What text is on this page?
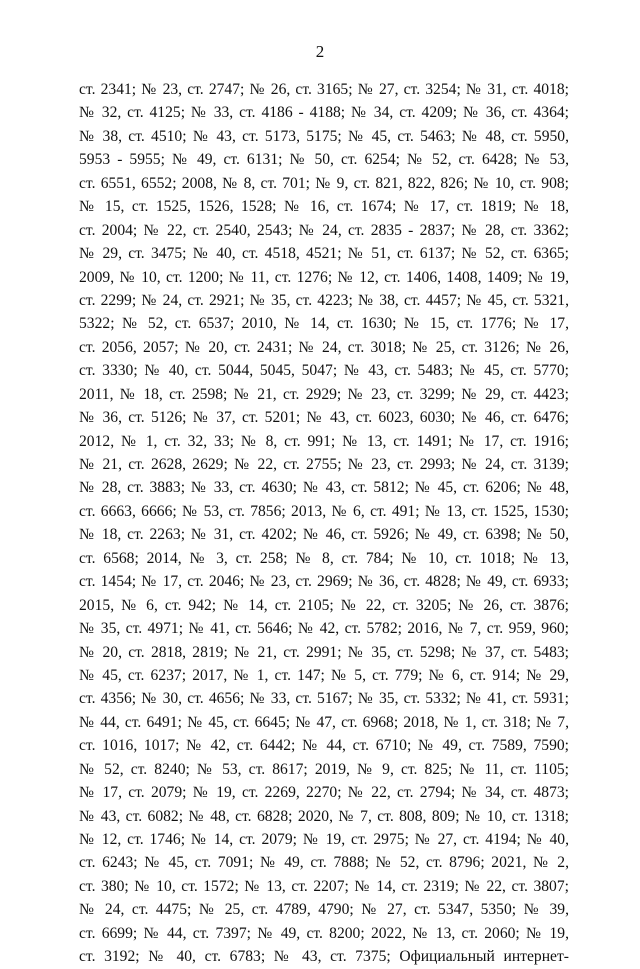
2
ст. 2341; № 23, ст. 2747; № 26, ст. 3165; № 27, ст. 3254; № 31, ст. 4018;
№ 32, ст. 4125; № 33, ст. 4186 - 4188; № 34, ст. 4209; № 36, ст. 4364;
№ 38, ст. 4510; № 43, ст. 5173, 5175; № 45, ст. 5463; № 48, ст. 5950,
5953 - 5955; № 49, ст. 6131; № 50, ст. 6254; № 52, ст. 6428; № 53,
ст. 6551, 6552; 2008, № 8, ст. 701; № 9, ст. 821, 822, 826; № 10, ст. 908;
№ 15, ст. 1525, 1526, 1528; № 16, ст. 1674; № 17, ст. 1819; № 18,
ст. 2004; № 22, ст. 2540, 2543; № 24, ст. 2835 - 2837; № 28, ст. 3362;
№ 29, ст. 3475; № 40, ст. 4518, 4521; № 51, ст. 6137; № 52, ст. 6365;
2009, № 10, ст. 1200; № 11, ст. 1276; № 12, ст. 1406, 1408, 1409; № 19,
ст. 2299; № 24, ст. 2921; № 35, ст. 4223; № 38, ст. 4457; № 45, ст. 5321,
5322; № 52, ст. 6537; 2010, № 14, ст. 1630; № 15, ст. 1776; № 17,
ст. 2056, 2057; № 20, ст. 2431; № 24, ст. 3018; № 25, ст. 3126; № 26,
ст. 3330; № 40, ст. 5044, 5045, 5047; № 43, ст. 5483; № 45, ст. 5770;
2011, № 18, ст. 2598; № 21, ст. 2929; № 23, ст. 3299; № 29, ст. 4423;
№ 36, ст. 5126; № 37, ст. 5201; № 43, ст. 6023, 6030; № 46, ст. 6476;
2012, № 1, ст. 32, 33; № 8, ст. 991; № 13, ст. 1491; № 17, ст. 1916;
№ 21, ст. 2628, 2629; № 22, ст. 2755; № 23, ст. 2993; № 24, ст. 3139;
№ 28, ст. 3883; № 33, ст. 4630; № 43, ст. 5812; № 45, ст. 6206; № 48,
ст. 6663, 6666; № 53, ст. 7856; 2013, № 6, ст. 491; № 13, ст. 1525, 1530;
№ 18, ст. 2263; № 31, ст. 4202; № 46, ст. 5926; № 49, ст. 6398; № 50,
ст. 6568; 2014, № 3, ст. 258; № 8, ст. 784; № 10, ст. 1018; № 13,
ст. 1454; № 17, ст. 2046; № 23, ст. 2969; № 36, ст. 4828; № 49, ст. 6933;
2015, № 6, ст. 942; № 14, ст. 2105; № 22, ст. 3205; № 26, ст. 3876;
№ 35, ст. 4971; № 41, ст. 5646; № 42, ст. 5782; 2016, № 7, ст. 959, 960;
№ 20, ст. 2818, 2819; № 21, ст. 2991; № 35, ст. 5298; № 37, ст. 5483;
№ 45, ст. 6237; 2017, № 1, ст. 147; № 5, ст. 779; № 6, ст. 914; № 29,
ст. 4356; № 30, ст. 4656; № 33, ст. 5167; № 35, ст. 5332; № 41, ст. 5931;
№ 44, ст. 6491; № 45, ст. 6645; № 47, ст. 6968; 2018, № 1, ст. 318; № 7,
ст. 1016, 1017; № 42, ст. 6442; № 44, ст. 6710; № 49, ст. 7589, 7590;
№ 52, ст. 8240; № 53, ст. 8617; 2019, № 9, ст. 825; № 11, ст. 1105;
№ 17, ст. 2079; № 19, ст. 2269, 2270; № 22, ст. 2794; № 34, ст. 4873;
№ 43, ст. 6082; № 48, ст. 6828; 2020, № 7, ст. 808, 809; № 10, ст. 1318;
№ 12, ст. 1746; № 14, ст. 2079; № 19, ст. 2975; № 27, ст. 4194; № 40,
ст. 6243; № 45, ст. 7091; № 49, ст. 7888; № 52, ст. 8796; 2021, № 2,
ст. 380; № 10, ст. 1572; № 13, ст. 2207; № 14, ст. 2319; № 22, ст. 3807;
№ 24, ст. 4475; № 25, ст. 4789, 4790; № 27, ст. 5347, 5350; № 39,
ст. 6699; № 44, ст. 7397; № 49, ст. 8200; 2022, № 13, ст. 2060; № 19,
ст. 3192; № 40, ст. 6783; № 43, ст. 7375; Официальный интернет-
